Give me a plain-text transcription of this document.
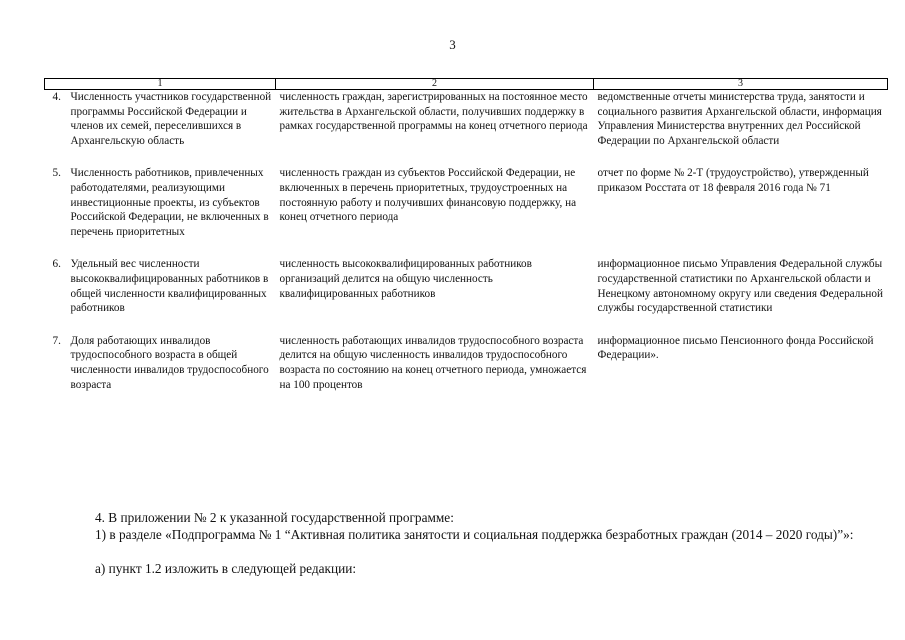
3
1	2	3

4. Численность участников государственной программы Российской Федерации и членов их семей, переселившихся в Архангельскую область	численность граждан, зарегистрированных на постоянное место жительства в Архангельской области, получивших поддержку в рамках государственной программы на конец отчетного периода	ведомственные отчеты министерства труда, занятости и социального развития Архангельской области, информация Управления Министерства внутренних дел Российской Федерации по Архангельской области

5. Численность работников, привлеченных работодателями, реализующими инвестиционные проекты, из субъектов Российской Федерации, не включенных в перечень приоритетных	численность граждан из субъектов Российской Федерации, не включенных в перечень приоритетных, трудоустроенных на постоянную работу и получивших финансовую поддержку, на конец отчетного периода	отчет по форме № 2-Т (трудоустройство), утвержденный приказом Росстата от 18 февраля 2016 года № 71

6. Удельный вес численности высококвалифицированных работников в общей численности квалифицированных работников	численность высококвалифицированных работников организаций делится на общую численность квалифицированных работников	информационное письмо Управления Федеральной службы государственной статистики по Архангельской области и Ненецкому автономному округу или сведения Федеральной службы государственной статистики

7. Доля работающих инвалидов трудоспособного возраста в общей численности инвалидов трудоспособного возраста	численность работающих инвалидов трудоспособного возраста делится на общую численность инвалидов трудоспособного возраста по состоянию на конец отчетного периода, умножается на 100 процентов	информационное письмо Пенсионного фонда Российской Федерации».
4. В приложении № 2 к указанной государственной программе:
1) в разделе «Подпрограмма № 1 “Активная политика занятости и социальная поддержка безработных граждан (2014 – 2020 годы)”»:
а) пункт 1.2 изложить в следующей редакции:
